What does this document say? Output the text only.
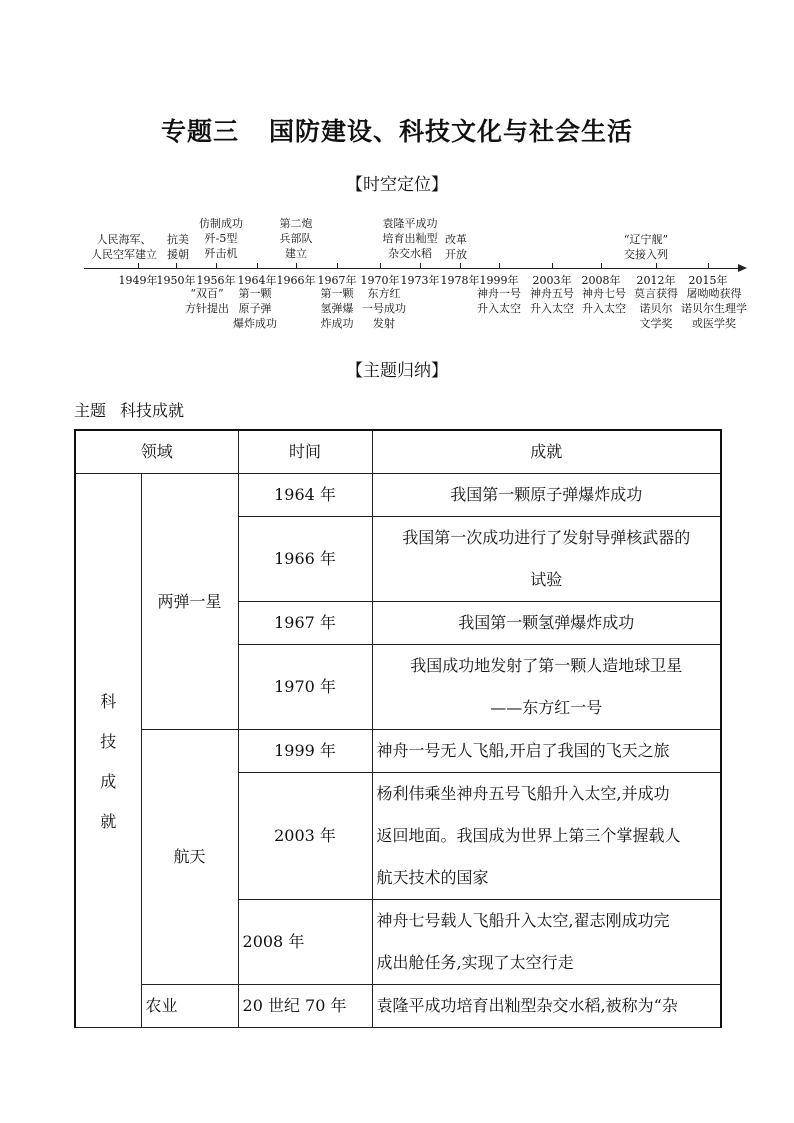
专题三 国防建设、科技文化与社会生活
【时空定位】
1949年 1950年 1956年 1964年 1966年 1967年 1970年 1973年 1978年 1999年 2003年 2008年 2012年 2015年
人民海军、
人民空军建立
抗美
援朝
仿制成功
歼-5型
歼击机
第二炮
兵部队
建立
袁隆平成功
培育出籼型
杂交水稻
改革
开放
“辽宁舰”
交接入列
“双百”
方针提出
第一颗
原子弹
爆炸成功
第一颗
氢弹爆
炸成功
东方红
一号成功
发射
神舟一号
升入太空
神舟五号
升入太空
神舟七号
升入太空
莫言获得
诺贝尔
文学奖
屠呦呦获得
诺贝尔生理学
或医学奖
【主题归纳】
主题 科技成就
领域		时间	成就

科
技
成
就	两弹一星	1964 年	我国第一颗原子弹爆炸成功

		1966 年	我国第一次成功进行了发射导弹核武器的
试验

		1967 年	我国第一颗氢弹爆炸成功

		1970 年	我国成功地发射了第一颗人造地球卫星
——东方红一号

	航天	1999 年	神舟一号无人飞船,开启了我国的飞天之旅

		2003 年	杨利伟乘坐神舟五号飞船升入太空,并成功
返回地面。我国成为世界上第三个掌握载人
航天技术的国家

		2008 年	神舟七号载人飞船升入太空,翟志刚成功完
成出舱任务,实现了太空行走

	农业	20 世纪 70 年	袁隆平成功培育出籼型杂交水稻,被称为“杂
